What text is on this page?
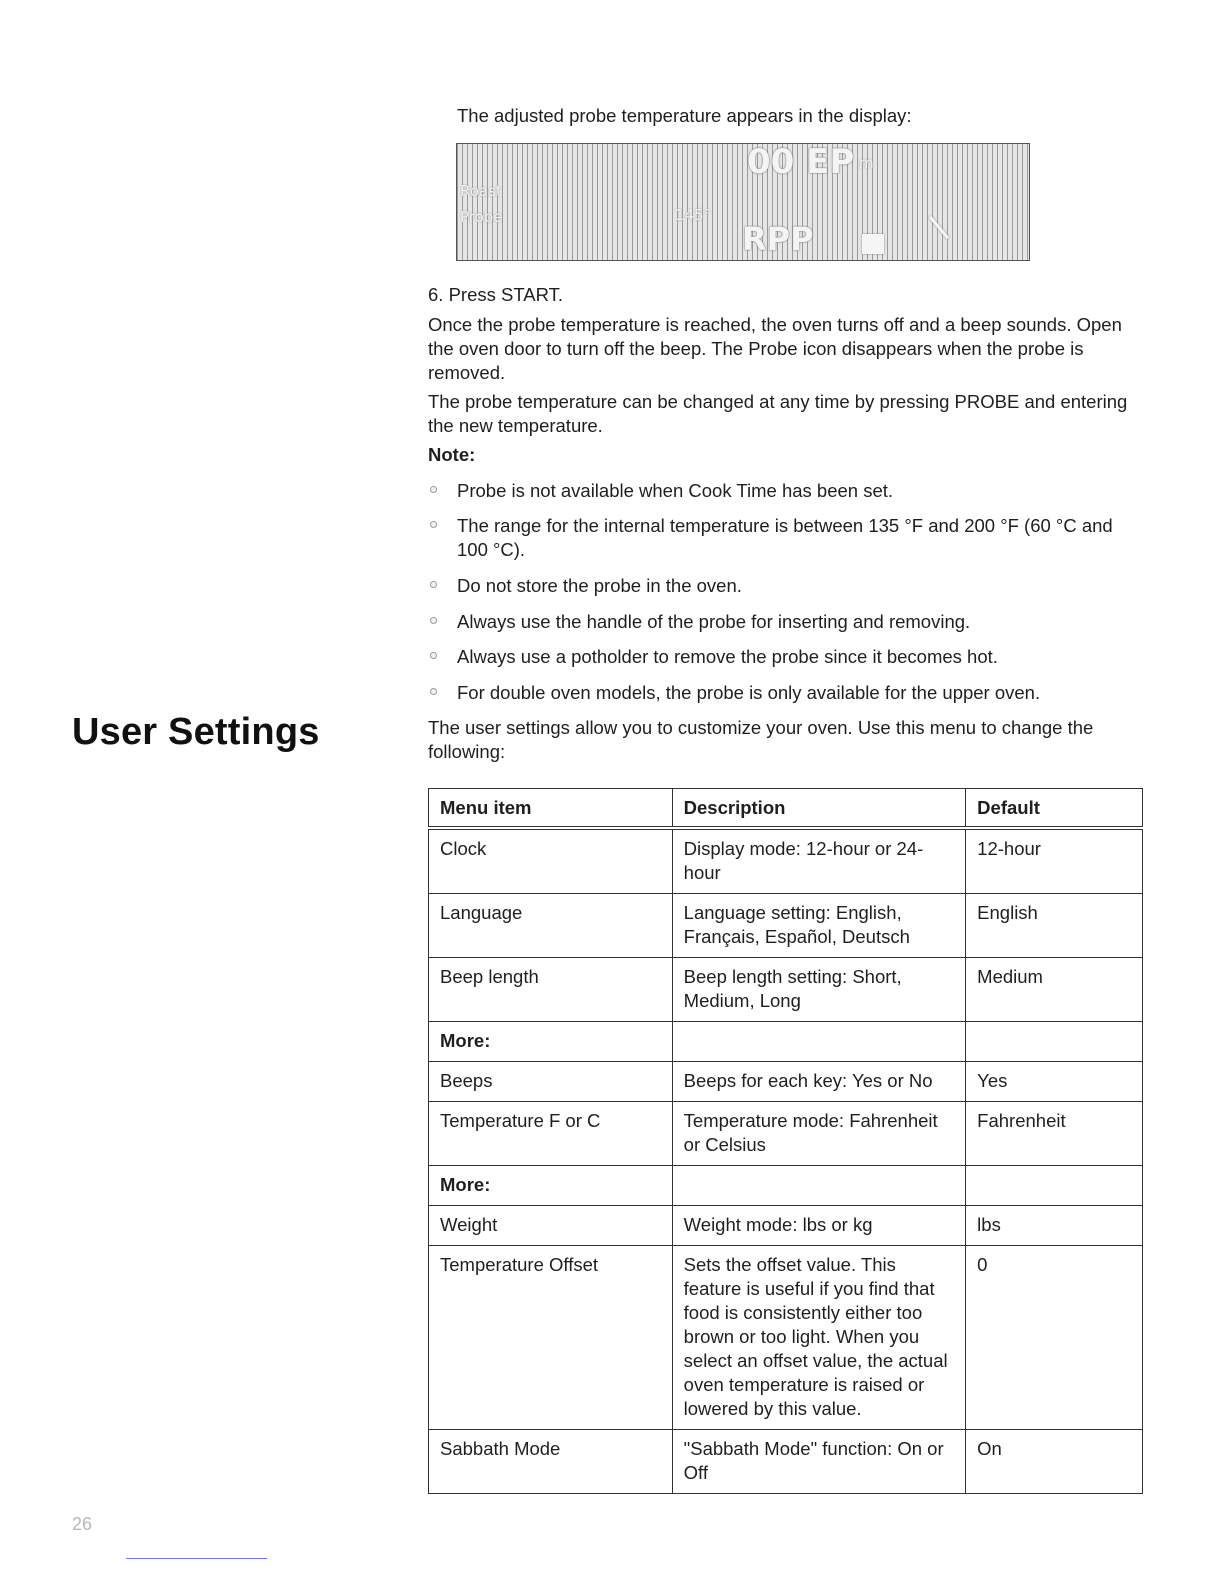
The adjusted probe temperature appears in the display:
00 EP m
Roast
Probe	145°
RPP
6. Press START.
Once the probe temperature is reached, the oven turns off and a beep sounds. Open the oven door to turn off the beep. The Probe icon disappears when the probe is removed.
The probe temperature can be changed at any time by pressing PROBE and entering the new temperature.
Note:
Probe is not available when Cook Time has been set.
The range for the internal temperature is between 135 °F and 200 °F (60 °C and 100 °C).
Do not store the probe in the oven.
Always use the handle of the probe for inserting and removing.
Always use a potholder to remove the probe since it becomes hot.
For double oven models, the probe is only available for the upper oven.
User Settings	The user settings allow you to customize your oven. Use this menu to change the following:
Menu item	Description	Default
Clock	Display mode: 12-hour or 24-hour	12-hour
Language	Language setting: English, Français, Español, Deutsch	English
Beep length	Beep length setting: Short, Medium, Long	Medium
More:		
Beeps	Beeps for each key: Yes or No	Yes
Temperature F or C	Temperature mode: Fahrenheit or Celsius	Fahrenheit
More:		
Weight	Weight mode: lbs or kg	lbs
Temperature Offset	Sets the offset value. This feature is useful if you find that food is consistently either too brown or too light. When you select an offset value, the actual oven temperature is raised or lowered by this value.	0
Sabbath Mode	"Sabbath Mode" function: On or Off	On
26
